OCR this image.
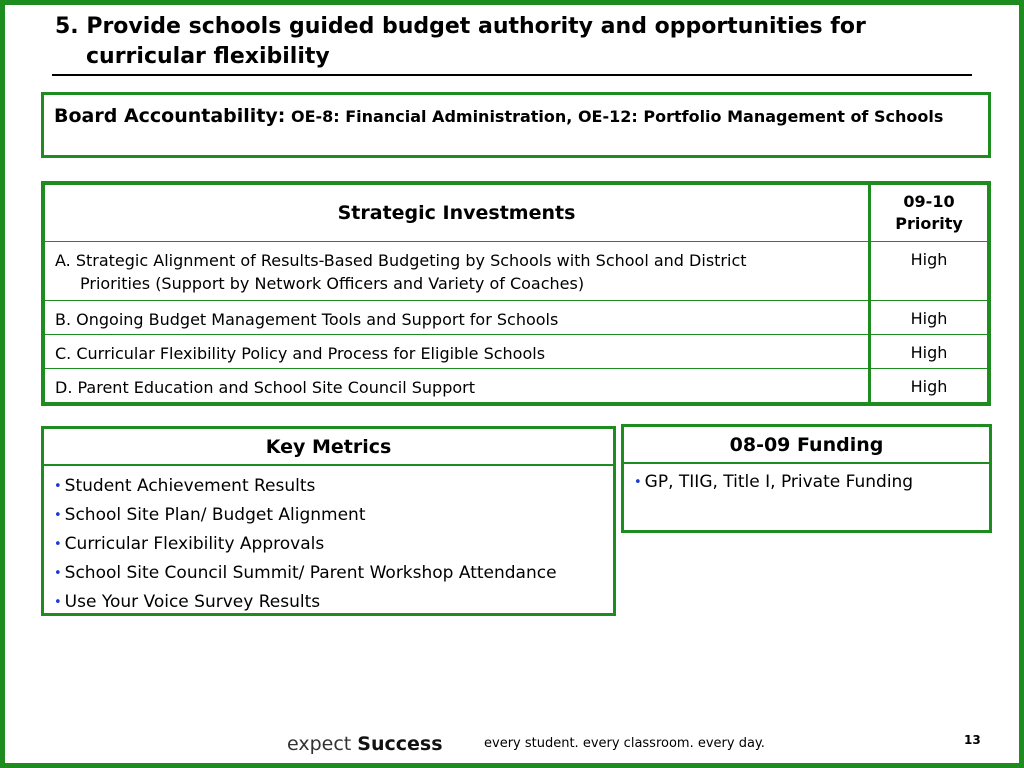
5. Provide schools guided budget authority and opportunities for
curricular flexibility
Board Accountability: OE-8: Financial Administration, OE-12: Portfolio Management of Schools
Strategic Investments	09-10
Priority
A. Strategic Alignment of Results-Based Budgeting by Schools with School and District
Priorities (Support by Network Officers and Variety of Coaches)	High
B. Ongoing Budget Management Tools and Support for Schools	High
C. Curricular Flexibility Policy and Process for Eligible Schools	High
D. Parent Education and School Site Council Support	High
Key Metrics
• Student Achievement Results
• School Site Plan/ Budget Alignment
• Curricular Flexibility Approvals
• School Site Council Summit/ Parent Workshop Attendance
• Use Your Voice Survey Results
08-09 Funding
• GP, TIIG, Title I, Private Funding
expect Success	every student. every classroom. every day.	13
